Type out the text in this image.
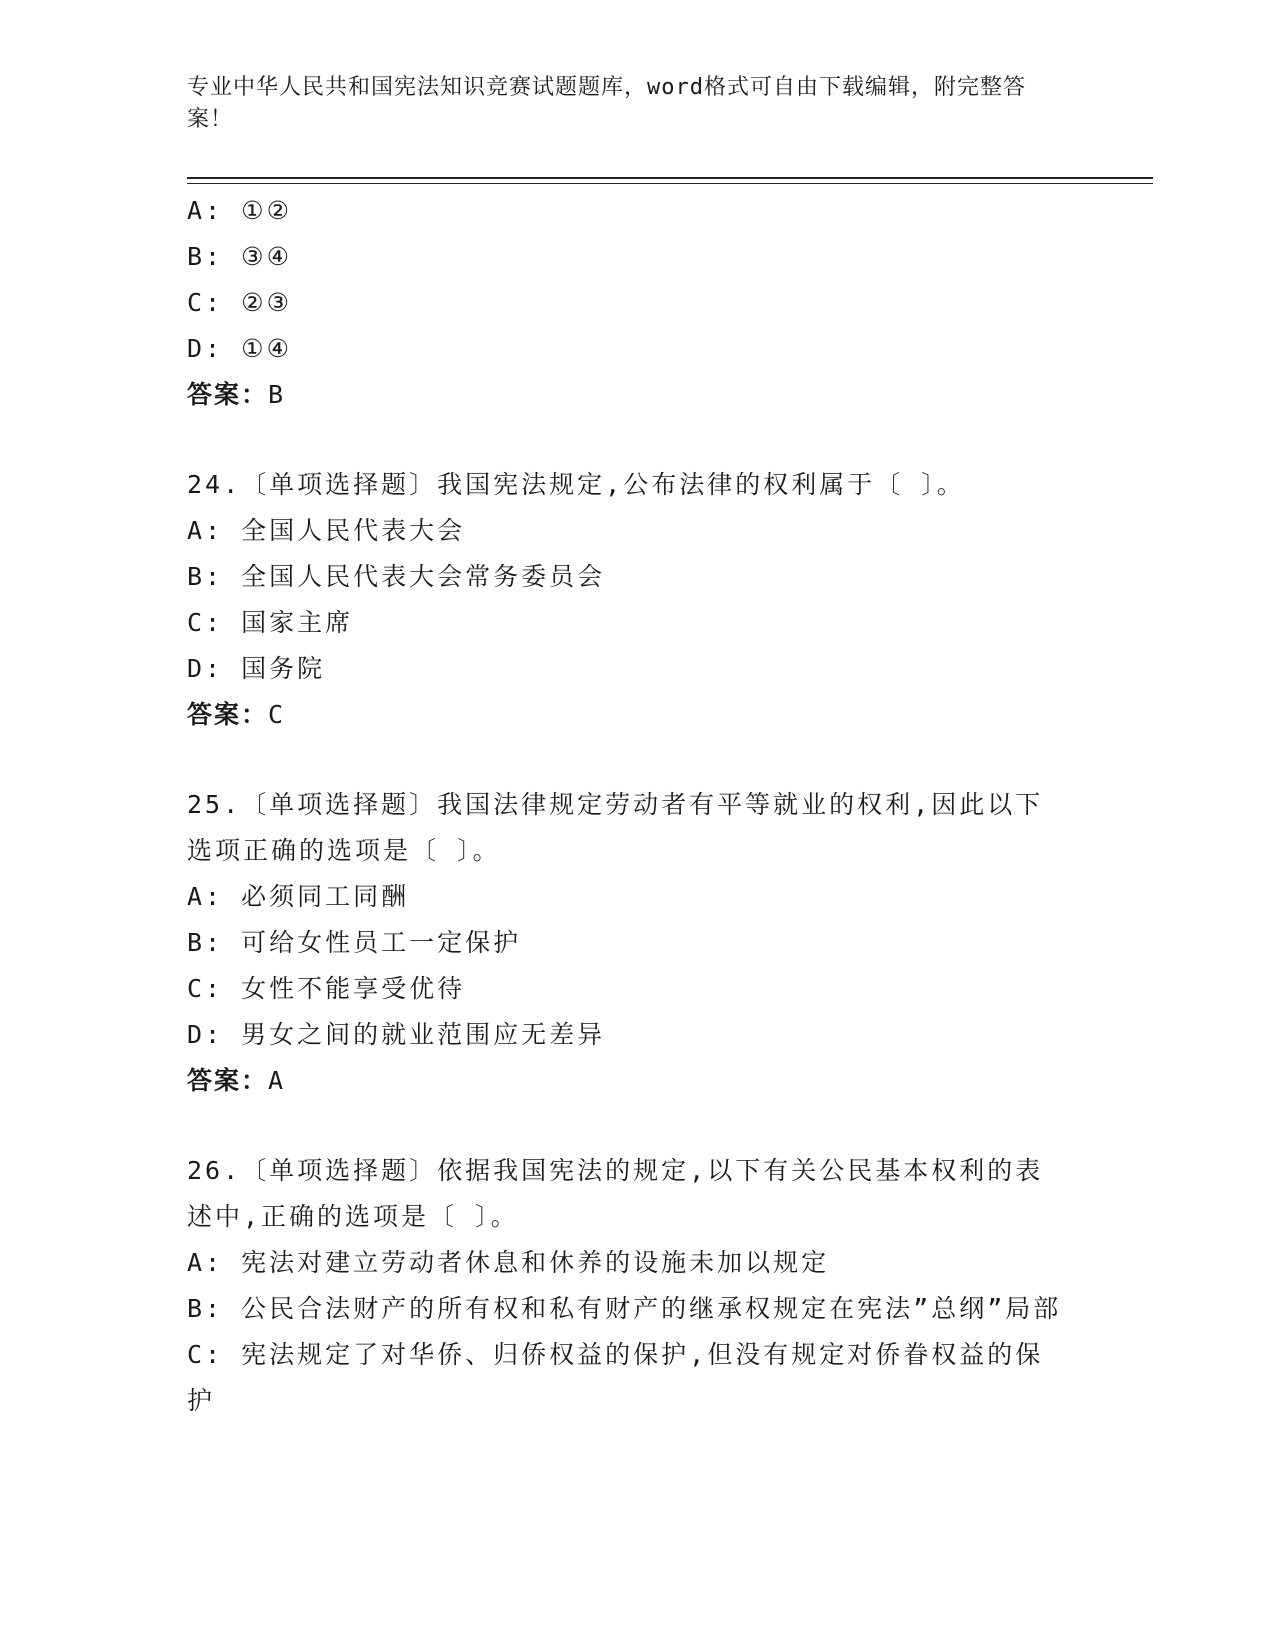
专业中华人民共和国宪法知识竞赛试题题库，word格式可自由下载编辑，附完整答案！
A: ①②
B: ③④
C: ②③
D: ①④
答案：B
24.〔单项选择题〕我国宪法规定,公布法律的权利属于〔 〕。
A: 全国人民代表大会
B: 全国人民代表大会常务委员会
C: 国家主席
D: 国务院
答案：C
25.〔单项选择题〕我国法律规定劳动者有平等就业的权利,因此以下选项正确的选项是〔 〕。
A: 必须同工同酬
B: 可给女性员工一定保护
C: 女性不能享受优待
D: 男女之间的就业范围应无差异
答案：A
26.〔单项选择题〕依据我国宪法的规定,以下有关公民基本权利的表述中,正确的选项是〔 〕。
A: 宪法对建立劳动者休息和休养的设施未加以规定
B: 公民合法财产的所有权和私有财产的继承权规定在宪法”总纲”局部
C: 宪法规定了对华侨、归侨权益的保护,但没有规定对侨眷权益的保护
